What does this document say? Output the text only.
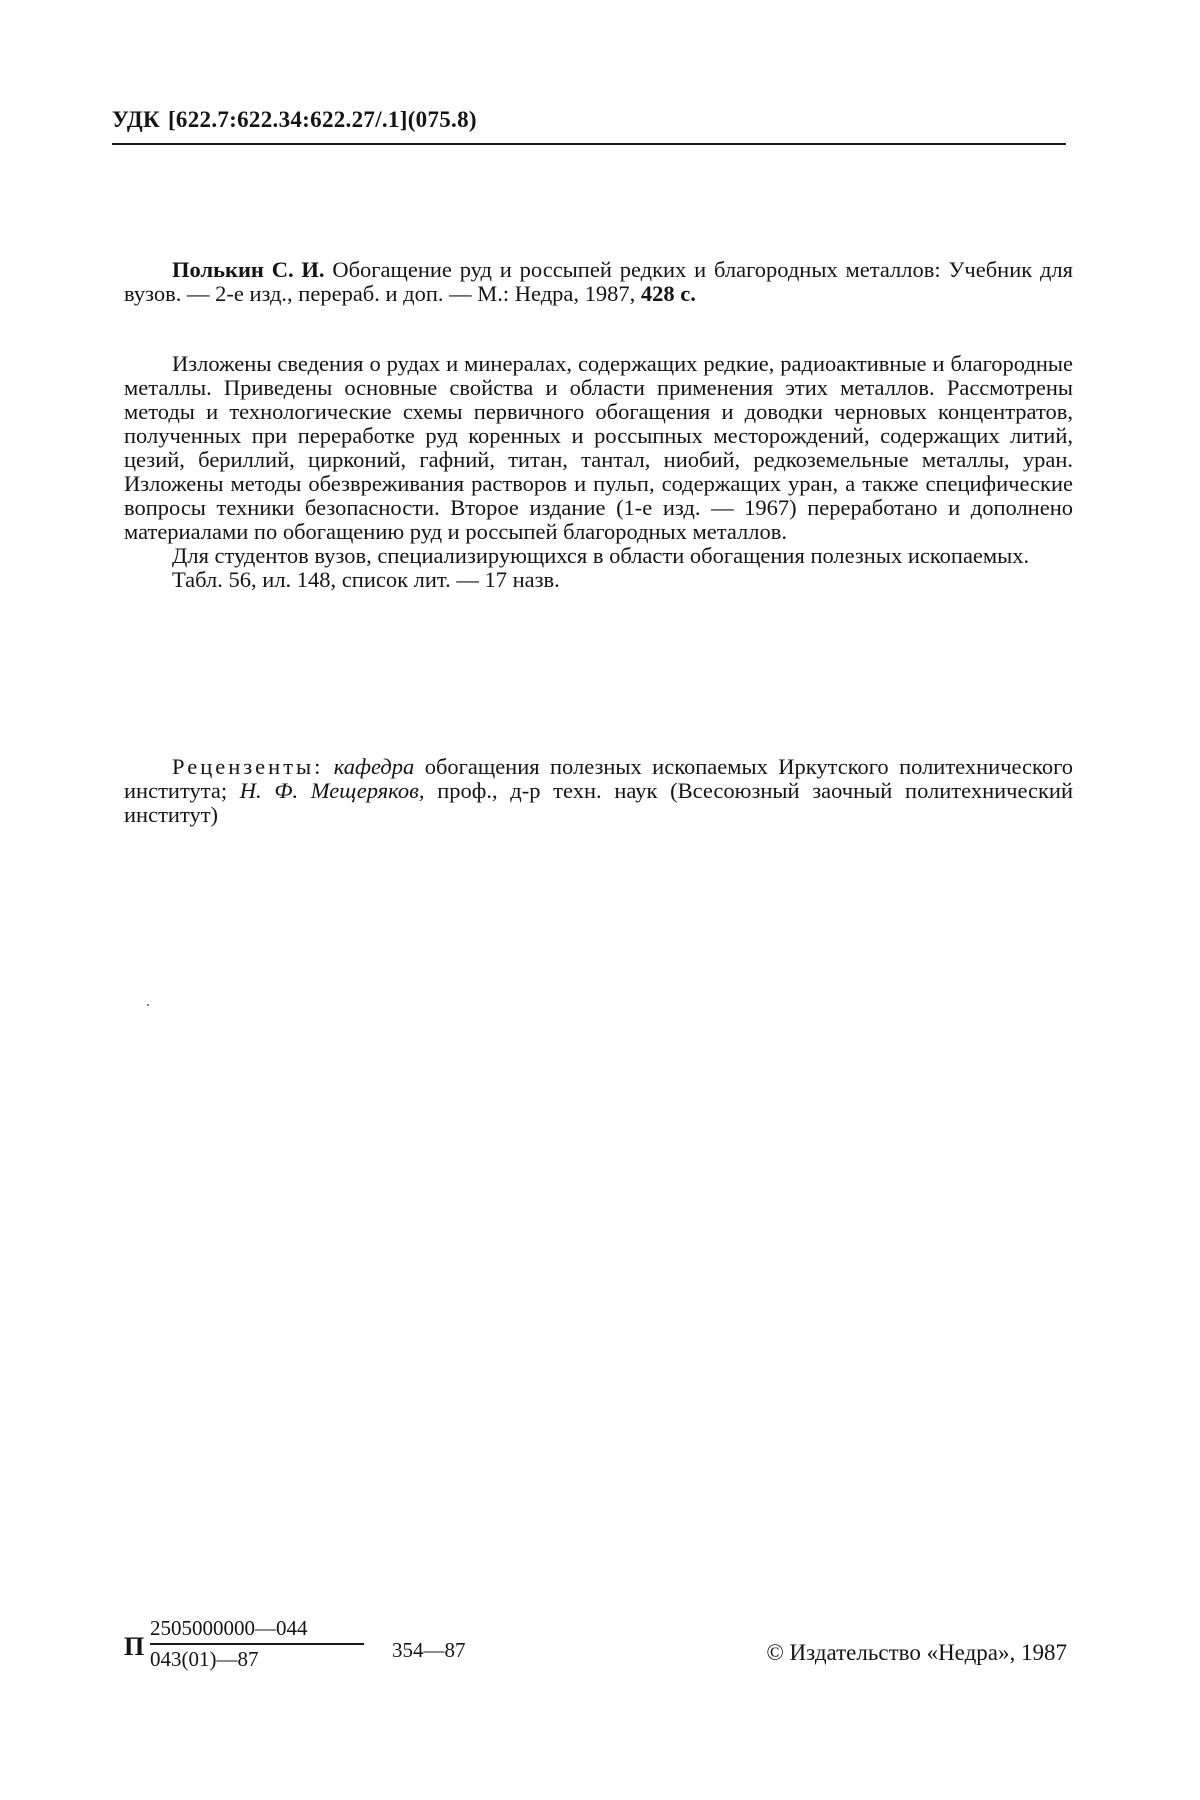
УДК [622.7:622.34:622.27/.1](075.8)

Полькин С. И. Обогащение руд и россыпей редких и благородных металлов: Учебник для вузов. — 2-е изд., перераб. и доп. — М.: Недра, 1987, 428 с.

Изложены сведения о рудах и минералах, содержащих редкие, радиоактивные и благородные металлы. Приведены основные свойства и области применения этих металлов. Рассмотрены методы и технологические схемы первичного обогащения и доводки черновых концентратов, полученных при переработке руд коренных и россыпных месторождений, содержащих литий, цезий, бериллий, цирконий, гафний, титан, тантал, ниобий, редкоземельные металлы, уран. Изложены методы обезвреживания растворов и пульп, содержащих уран, а также специфические вопросы техники безопасности. Второе издание (1-е изд. — 1967) переработано и дополнено материалами по обогащению руд и россыпей благородных металлов.

Для студентов вузов, специализирующихся в области обогащения полезных ископаемых.

Табл. 56, ил. 148, список лит. — 17 назв.

Рецензенты: кафедра обогащения полезных ископаемых Иркутского политехнического института; Н. Ф. Мещеряков, проф., д-р техн. наук (Всесоюзный заочный политехнический институт)

П
2505000000—044
043(01)—87	354—87	© Издательство «Недра», 1987
